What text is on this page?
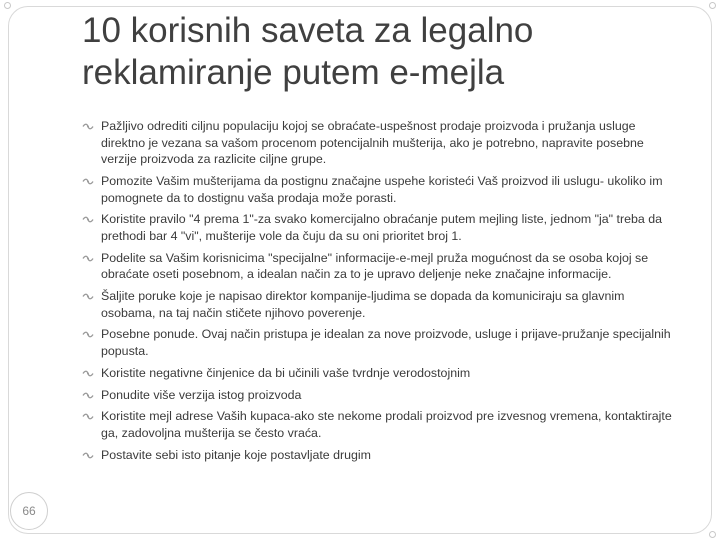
10 korisnih saveta za legalno
reklamiranje putem e-mejla
Pažljivo odrediti ciljnu populaciju kojoj se obraćate-uspešnost prodaje proizvoda i pružanja usluge direktno je vezana sa vašom procenom potencijalnih mušterija, ako je potrebno, napravite posebne verzije proizvoda za razlicite ciljne grupe.
Pomozite Vašim mušterijama da postignu značajne uspehe koristeći Vaš proizvod ili uslugu- ukoliko im pomognete da to dostignu vaša prodaja može porasti.
Koristite pravilo "4 prema 1"-za svako komercijalno obraćanje putem mejling liste, jednom "ja" treba da prethodi bar 4 "vi", mušterije vole da čuju da su oni prioritet broj 1.
Podelite sa Vašim korisnicima "specijalne" informacije-e-mejl pruža mogućnost da se osoba kojoj se obraćate oseti posebnom, a idealan način za to je upravo deljenje neke značajne informacije.
Šaljite poruke koje je napisao direktor kompanije-ljudima se dopada da komuniciraju sa glavnim osobama, na taj način stičete njihovo poverenje.
Posebne ponude. Ovaj način pristupa je idealan za nove proizvode, usluge i prijave-pružanje specijalnih popusta.
Koristite negativne činjenice da bi učinili vaše tvrdnje verodostojnim
Ponudite više verzija istog proizvoda
Koristite mejl adrese Vaših kupaca-ako ste nekome prodali proizvod pre izvesnog vremena, kontaktirajte ga, zadovoljna mušterija se često vraća.
Postavite sebi isto pitanje koje postavljate drugim
66
